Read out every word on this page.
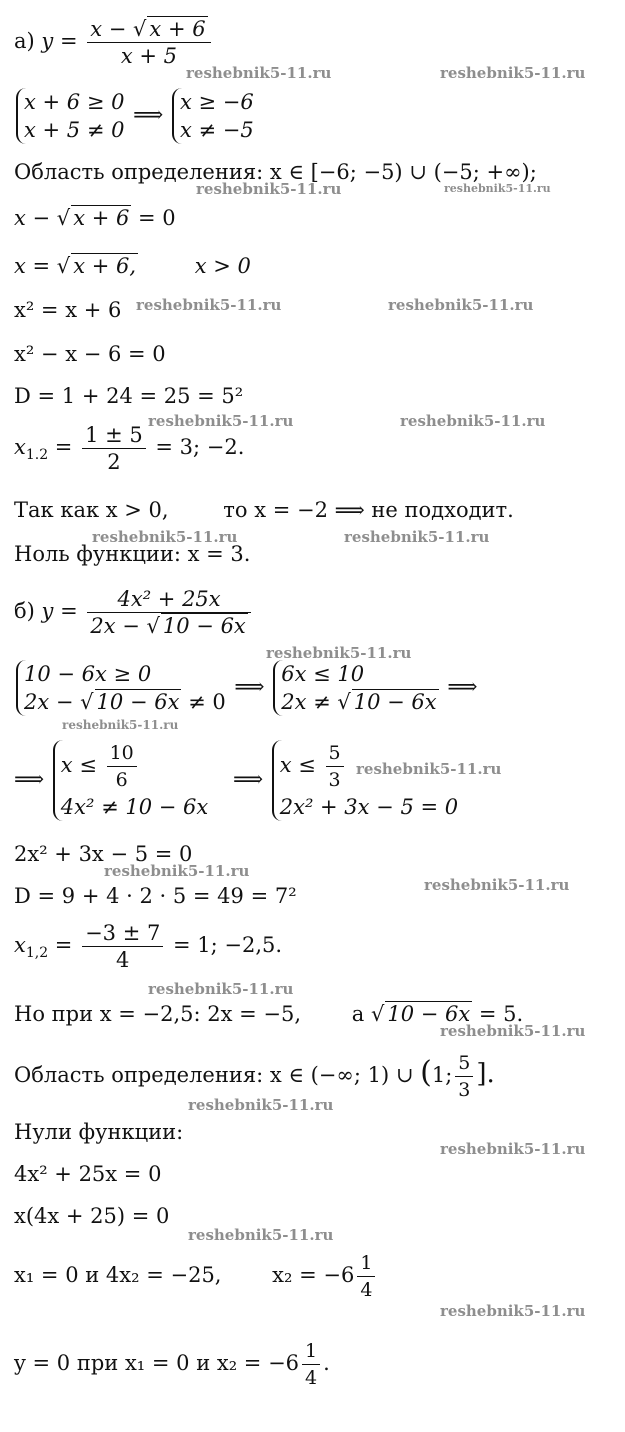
а) $y = \frac{x - √ x + 6}{x + 5}$
x + 6 ≥ 0
x + 5 ≠ 0
⟹
x ≥ −6
x ≠ −5
Область определения: x ∈ [−6; −5) ∪ (−5; +∞);
x − √ x + 6 = 0
x = √ x + 6,	x > 0
x² = x + 6
x² − x − 6 = 0
D = 1 + 24 = 25 = 5²
$x_{1.2} = \frac{1 \pm 5}{2} = 3$; −2.
Так как x > 0,	то x = −2 ⟹ не подходит.
Ноль функции: x = 3.
б) $y = \frac{\text{4x² + 25x}}{2x - √ 10 - 6x}$
10 − 6x ≥ 0
2x − √ 10 − 6x ≠ 0
⟹
6x ≤ 10
2x ≠ √ 10 − 6x
⟹
⟹
$x \le \frac{10}{6}$
4x² ≠ 10 − 6x
⟹
$x \le \frac{5}{3}$
2x² + 3x − 5 = 0
2x² + 3x − 5 = 0
D = 9 + 4 · 2 · 5 = 49 = 7²
$x_{1,2} = \frac{-3 \pm 7}{4} = 1$; −2,5.
Но при x = −2,5: 2x = −5, а √ 10 − 6x = 5.
Область определения: x ∈ (−∞; 1) ∪ (1; $\frac{5}{3}$ ].
Нули функции:
4x² + 25x = 0
x(4x + 25) = 0
x₁ = 0 и 4x₂ = −25, $x_2 = -6 \frac{1}{4}$
y = 0 при x₁ = 0 и $x_2 = -6 \frac{1}{4}$ .
reshebnik5-11.ru	reshebnik5-11.ru
reshebnik5-11.ru	reshebnik5-11.ru
reshebnik5-11.ru	reshebnik5-11.ru
reshebnik5-11.ru	reshebnik5-11.ru
reshebnik5-11.ru	reshebnik5-11.ru
reshebnik5-11.ru
reshebnik5-11.ru
reshebnik5-11.ru
reshebnik5-11.ru
reshebnik5-11.ru
reshebnik5-11.ru
reshebnik5-11.ru
reshebnik5-11.ru
reshebnik5-11.ru
reshebnik5-11.ru
reshebnik5-11.ru
